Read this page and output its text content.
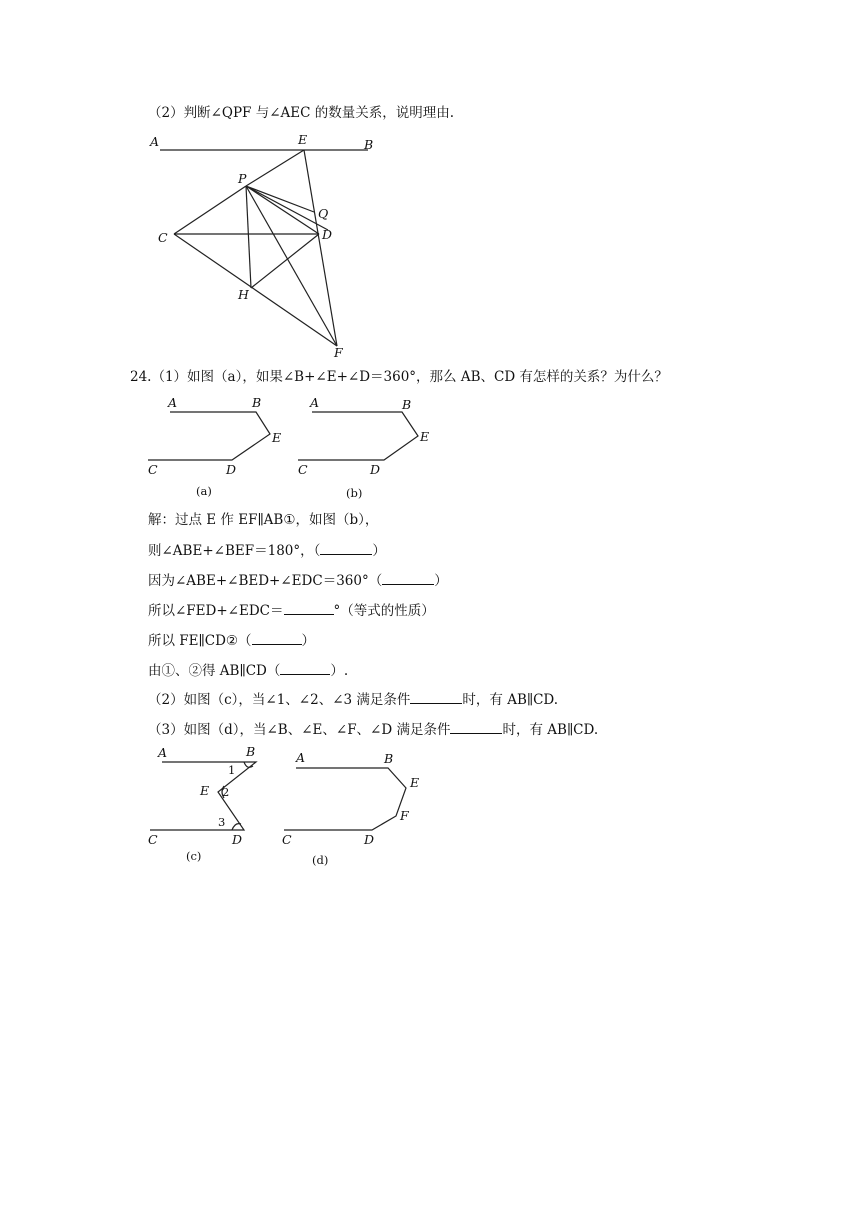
（2）判断∠QPF 与∠AEC 的数量关系，说明理由.
A	E	B
P
Q
C	D
H
F
24.（1）如图（a），如果∠B+∠E+∠D＝360°，那么 AB、CD 有怎样的关系？为什么？
A	B
E
C	D
(a)
A	B
E
C	D
(b)
解：过点 E 作 EF∥AB①，如图（b），
则∠ABE+∠BEF＝180°，（	）
因为∠ABE+∠BED+∠EDC＝360°（	）
所以∠FED+∠EDC＝	°（等式的性质）
所以 FE∥CD②（	）
由①、②得 AB∥CD（	）.
（2）如图（c），当∠1、∠2、∠3 满足条件	时，有 AB∥CD.
（3）如图（d），当∠B、∠E、∠F、∠D 满足条件	时，有 AB∥CD.
1
2
3
A	B
E
C	D
(c)
A	B
E
F
C	D
(d)
